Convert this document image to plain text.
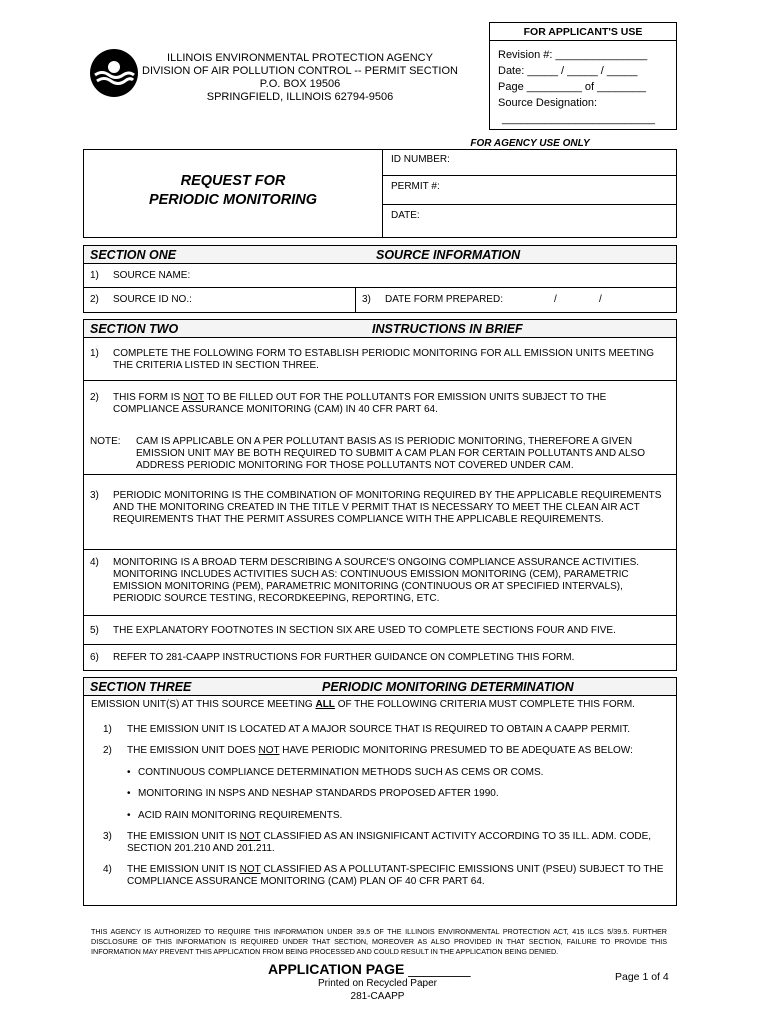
ILLINOIS ENVIRONMENTAL PROTECTION AGENCY
DIVISION OF AIR POLLUTION CONTROL -- PERMIT SECTION
P.O. BOX 19506
SPRINGFIELD, ILLINOIS 62794-9506
FOR APPLICANT'S USE
Revision #: _______________
Date: _____ / _____ / _____
Page _________ of ________
Source Designation:
_________________________
FOR AGENCY USE ONLY
REQUEST FOR
PERIODIC MONITORING
ID NUMBER:
PERMIT #:
DATE:
SECTION ONE	SOURCE INFORMATION
1) SOURCE NAME:
2) SOURCE ID NO.:	3) DATE FORM PREPARED:	/	/
SECTION TWO	INSTRUCTIONS IN BRIEF
1) COMPLETE THE FOLLOWING FORM TO ESTABLISH PERIODIC MONITORING FOR ALL EMISSION UNITS MEETING THE CRITERIA LISTED IN SECTION THREE.
2) THIS FORM IS NOT TO BE FILLED OUT FOR THE POLLUTANTS FOR EMISSION UNITS SUBJECT TO THE COMPLIANCE ASSURANCE MONITORING (CAM) IN 40 CFR PART 64.
NOTE: CAM IS APPLICABLE ON A PER POLLUTANT BASIS AS IS PERIODIC MONITORING, THEREFORE A GIVEN EMISSION UNIT MAY BE BOTH REQUIRED TO SUBMIT A CAM PLAN FOR CERTAIN POLLUTANTS AND ALSO ADDRESS PERIODIC MONITORING FOR THOSE POLLUTANTS NOT COVERED UNDER CAM.
3) PERIODIC MONITORING IS THE COMBINATION OF MONITORING REQUIRED BY THE APPLICABLE REQUIREMENTS AND THE MONITORING CREATED IN THE TITLE V PERMIT THAT IS NECESSARY TO MEET THE CLEAN AIR ACT REQUIREMENTS THAT THE PERMIT ASSURES COMPLIANCE WITH THE APPLICABLE REQUIREMENTS.
4) MONITORING IS A BROAD TERM DESCRIBING A SOURCE'S ONGOING COMPLIANCE ASSURANCE ACTIVITIES. MONITORING INCLUDES ACTIVITIES SUCH AS: CONTINUOUS EMISSION MONITORING (CEM), PARAMETRIC EMISSION MONITORING (PEM), PARAMETRIC MONITORING (CONTINUOUS OR AT SPECIFIED INTERVALS), PERIODIC SOURCE TESTING, RECORDKEEPING, REPORTING, ETC.
5) THE EXPLANATORY FOOTNOTES IN SECTION SIX ARE USED TO COMPLETE SECTIONS FOUR AND FIVE.
6) REFER TO 281-CAAPP INSTRUCTIONS FOR FURTHER GUIDANCE ON COMPLETING THIS FORM.
SECTION THREE	PERIODIC MONITORING DETERMINATION
EMISSION UNIT(S) AT THIS SOURCE MEETING ALL OF THE FOLLOWING CRITERIA MUST COMPLETE THIS FORM.
1) THE EMISSION UNIT IS LOCATED AT A MAJOR SOURCE THAT IS REQUIRED TO OBTAIN A CAAPP PERMIT.
2) THE EMISSION UNIT DOES NOT HAVE PERIODIC MONITORING PRESUMED TO BE ADEQUATE AS BELOW:
• CONTINUOUS COMPLIANCE DETERMINATION METHODS SUCH AS CEMS OR COMS.
• MONITORING IN NSPS AND NESHAP STANDARDS PROPOSED AFTER 1990.
• ACID RAIN MONITORING REQUIREMENTS.
3) THE EMISSION UNIT IS NOT CLASSIFIED AS AN INSIGNIFICANT ACTIVITY ACCORDING TO 35 ILL. ADM. CODE, SECTION 201.210 AND 201.211.
4) THE EMISSION UNIT IS NOT CLASSIFIED AS A POLLUTANT-SPECIFIC EMISSIONS UNIT (PSEU) SUBJECT TO THE COMPLIANCE ASSURANCE MONITORING (CAM) PLAN OF 40 CFR PART 64.
THIS AGENCY IS AUTHORIZED TO REQUIRE THIS INFORMATION UNDER 39.5 OF THE ILLINOIS ENVIRONMENTAL PROTECTION ACT, 415 ILCS 5/39.5. FURTHER DISCLOSURE OF THIS INFORMATION IS REQUIRED UNDER THAT SECTION, MOREOVER AS ALSO PROVIDED IN THAT SECTION, FAILURE TO PROVIDE THIS INFORMATION MAY PREVENT THIS APPLICATION FROM BEING PROCESSED AND COULD RESULT IN THE APPLICATION BEING DENIED.
APPLICATION PAGE ________	Page 1 of 4
Printed on Recycled Paper
281-CAAPP
